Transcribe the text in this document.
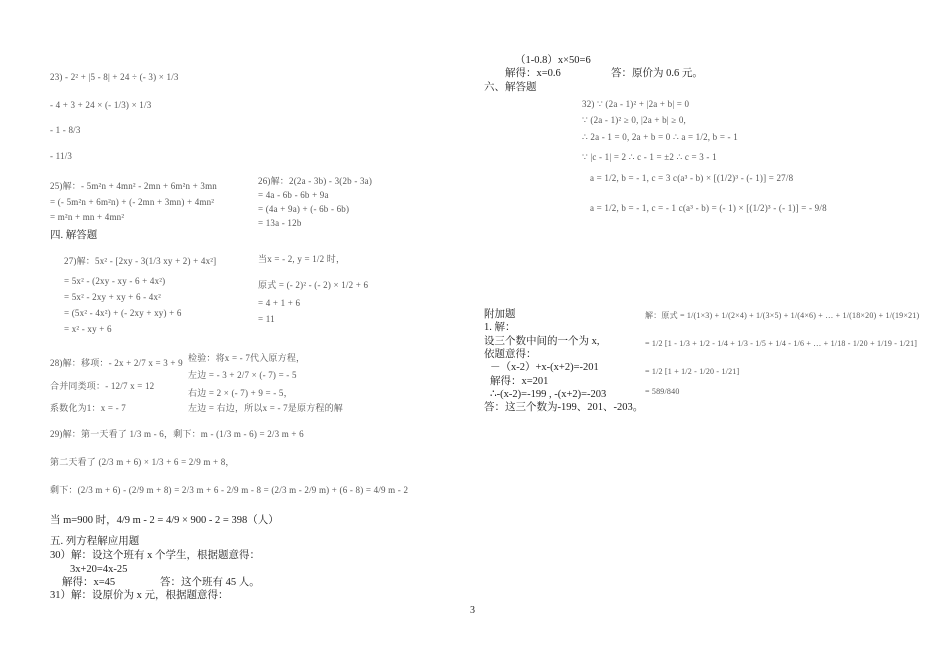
23) - 2² + |5 - 8| + 24 ÷ (- 3) × 1/3
- 4 + 3 + 24 × (- 1/3) × 1/3
- 1 - 8/3
- 11/3
25)解：- 5m²n + 4mn² - 2mn + 6m²n + 3mn
= (- 5m²n + 6m²n) + (- 2mn + 3mn) + 4mn²
= m²n + mn + 4mn²
26)解：2(2a - 3b) - 3(2b - 3a)
= 4a - 6b - 6b + 9a
= (4a + 9a) + (- 6b - 6b)
= 13a - 12b
四. 解答题
27)解：5x² - [2xy - 3(1/3 xy + 2) + 4x²]
= 5x² - (2xy - xy - 6 + 4x²)
= 5x² - 2xy + xy + 6 - 4x²
= (5x² - 4x²) + (- 2xy + xy) + 6
= x² - xy + 6
当x = - 2, y = 1/2 时，
原式 = (- 2)² - (- 2) × 1/2 + 6
= 4 + 1 + 6
= 11
28)解：移项：- 2x + 2/7 x = 3 + 9
合并同类项：- 12/7 x = 12
系数化为1：x = - 7
检验：将x = - 7代入原方程，
左边 = - 3 + 2/7 × (- 7) = - 5
右边 = 2 × (- 7) + 9 = - 5，
左边 = 右边，所以x = - 7是原方程的解
29)解：第一天看了 1/3 m - 6，剩下：m - (1/3 m - 6) = 2/3 m + 6
第二天看了 (2/3 m + 6) × 1/3 + 6 = 2/9 m + 8，
剩下：(2/3 m + 6) - (2/9 m + 8) = 2/3 m + 6 - 2/9 m - 8 = (2/3 m - 2/9 m) + (6 - 8) = 4/9 m - 2
当 m=900 时，4/9 m - 2 = 4/9 × 900 - 2 = 398（人）
五. 列方程解应用题
30）解：设这个班有 x 个学生，根据题意得：
3x+20=4x-25
解得：x=45	答：这个班有 45 人。
31）解：设原价为 x 元，根据题意得：
（1-0.8）x×50=6
解得：x=0.6	答：原价为 0.6 元。
六、解答题
32) ∵ (2a - 1)² + |2a + b| = 0
∵ (2a - 1)² ≥ 0, |2a + b| ≥ 0,
∴ 2a - 1 = 0, 2a + b = 0 ∴ a = 1/2, b = - 1
∵ |c - 1| = 2 ∴ c - 1 = ±2 ∴ c = 3 - 1
a = 1/2, b = - 1, c = 3 c(a³ - b) × [(1/2)³ - (- 1)] = 27/8
a = 1/2, b = - 1, c = - 1 c(a³ - b) = (- 1) × [(1/2)³ - (- 1)] = - 9/8
附加题
1. 解：
设三个数中间的一个为 x,
依题意得：
－（x-2）+x-(x+2)=-201
解得：x=201
∴-(x-2)=-199 , -(x+2)=-203
答：这三个数为-199、201、-203。
解：原式 = 1/(1×3) + 1/(2×4) + 1/(3×5) + 1/(4×6) + … + 1/(18×20) + 1/(19×21)
= 1/2 [1 - 1/3 + 1/2 - 1/4 + 1/3 - 1/5 + 1/4 - 1/6 + … + 1/18 - 1/20 + 1/19 - 1/21]
= 1/2 [1 + 1/2 - 1/20 - 1/21]
= 589/840
3
